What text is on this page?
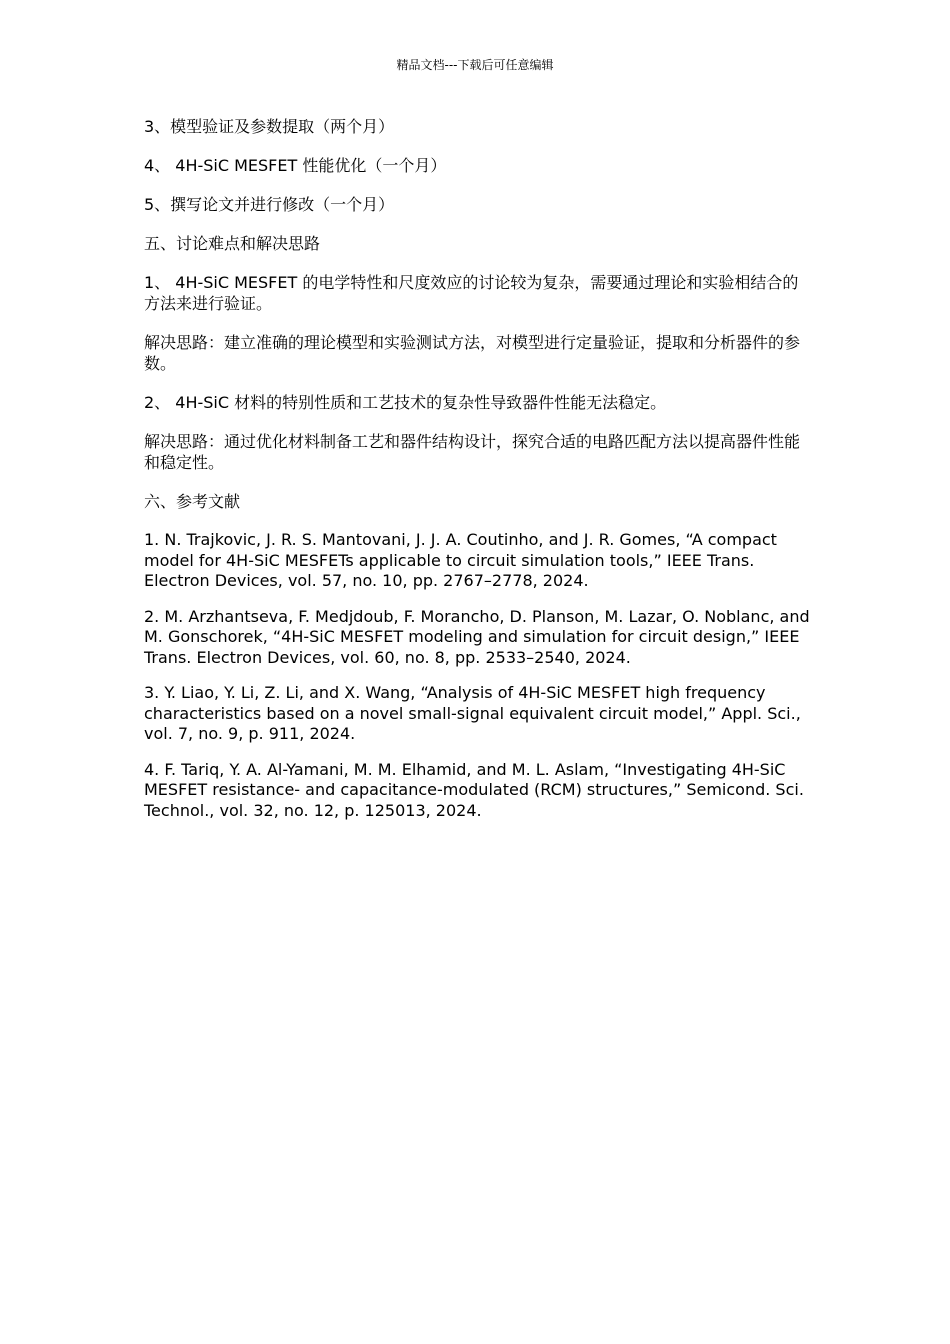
精品文档---下载后可任意编辑

3、模型验证及参数提取（两个月）

4、 4H-SiC MESFET 性能优化（一个月）

5、撰写论文并进行修改（一个月）

五、讨论难点和解决思路

1、 4H-SiC MESFET 的电学特性和尺度效应的讨论较为复杂，需要通过理论和实验相结合的方法来进行验证。

解决思路：建立准确的理论模型和实验测试方法，对模型进行定量验证，提取和分析器件的参数。

2、 4H-SiC 材料的特别性质和工艺技术的复杂性导致器件性能无法稳定。

解决思路：通过优化材料制备工艺和器件结构设计，探究合适的电路匹配方法以提高器件性能和稳定性。

六、参考文献

1. N. Trajkovic, J. R. S. Mantovani, J. J. A. Coutinho, and J. R. Gomes, “A compact model for 4H-SiC MESFETs applicable to circuit simulation tools,” IEEE Trans. Electron Devices, vol. 57, no. 10, pp. 2767–2778, 2024.

2. M. Arzhantseva, F. Medjdoub, F. Morancho, D. Planson, M. Lazar, O. Noblanc, and M. Gonschorek, “4H-SiC MESFET modeling and simulation for circuit design,” IEEE Trans. Electron Devices, vol. 60, no. 8, pp. 2533–2540, 2024.

3. Y. Liao, Y. Li, Z. Li, and X. Wang, “Analysis of 4H-SiC MESFET high frequency characteristics based on a novel small-signal equivalent circuit model,” Appl. Sci., vol. 7, no. 9, p. 911, 2024.

4. F. Tariq, Y. A. Al-Yamani, M. M. Elhamid, and M. L. Aslam, “Investigating 4H-SiC MESFET resistance- and capacitance-modulated (RCM) structures,” Semicond. Sci. Technol., vol. 32, no. 12, p. 125013, 2024.
